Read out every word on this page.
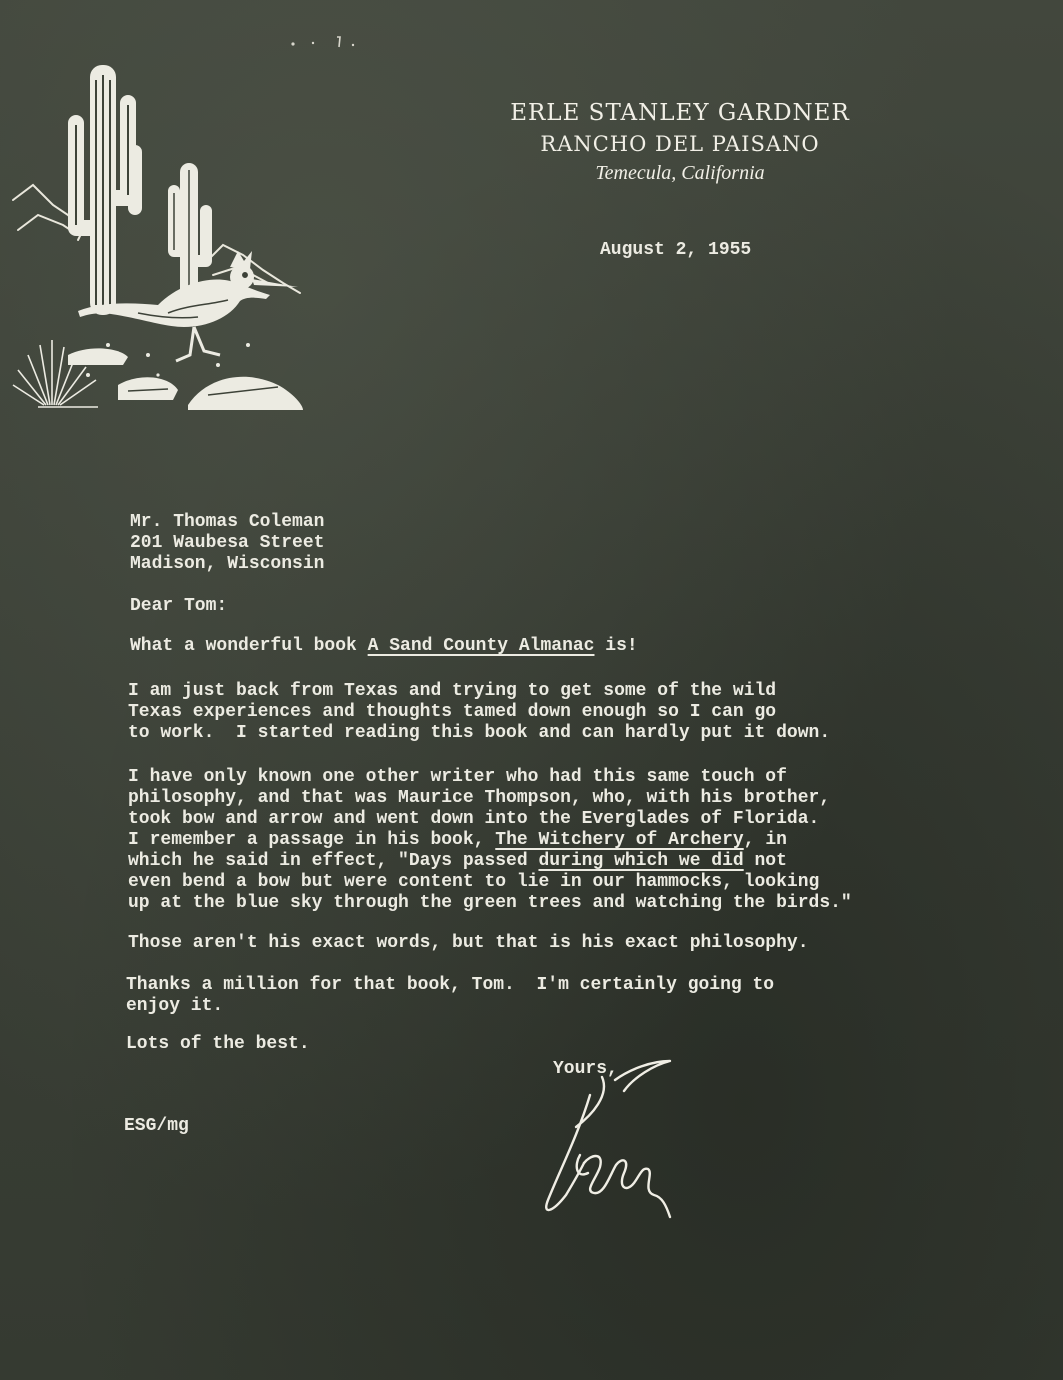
ERLE STANLEY GARDNER
RANCHO DEL PAISANO
Temecula, California
August 2, 1955
Mr. Thomas Coleman
201 Waubesa Street
Madison, Wisconsin
Dear Tom:
What a wonderful book A Sand County Almanac is!
I am just back from Texas and trying to get some of the wild
Texas experiences and thoughts tamed down enough so I can go
to work.  I started reading this book and can hardly put it down.
I have only known one other writer who had this same touch of
philosophy, and that was Maurice Thompson, who, with his brother,
took bow and arrow and went down into the Everglades of Florida.
I remember a passage in his book, The Witchery of Archery, in
which he said in effect, "Days passed during which we did not
even bend a bow but were content to lie in our hammocks, looking
up at the blue sky through the green trees and watching the birds."
Those aren't his exact words, but that is his exact philosophy.
Thanks a million for that book, Tom.  I'm certainly going to
enjoy it.
Lots of the best.
Yours,
ESG/mg
